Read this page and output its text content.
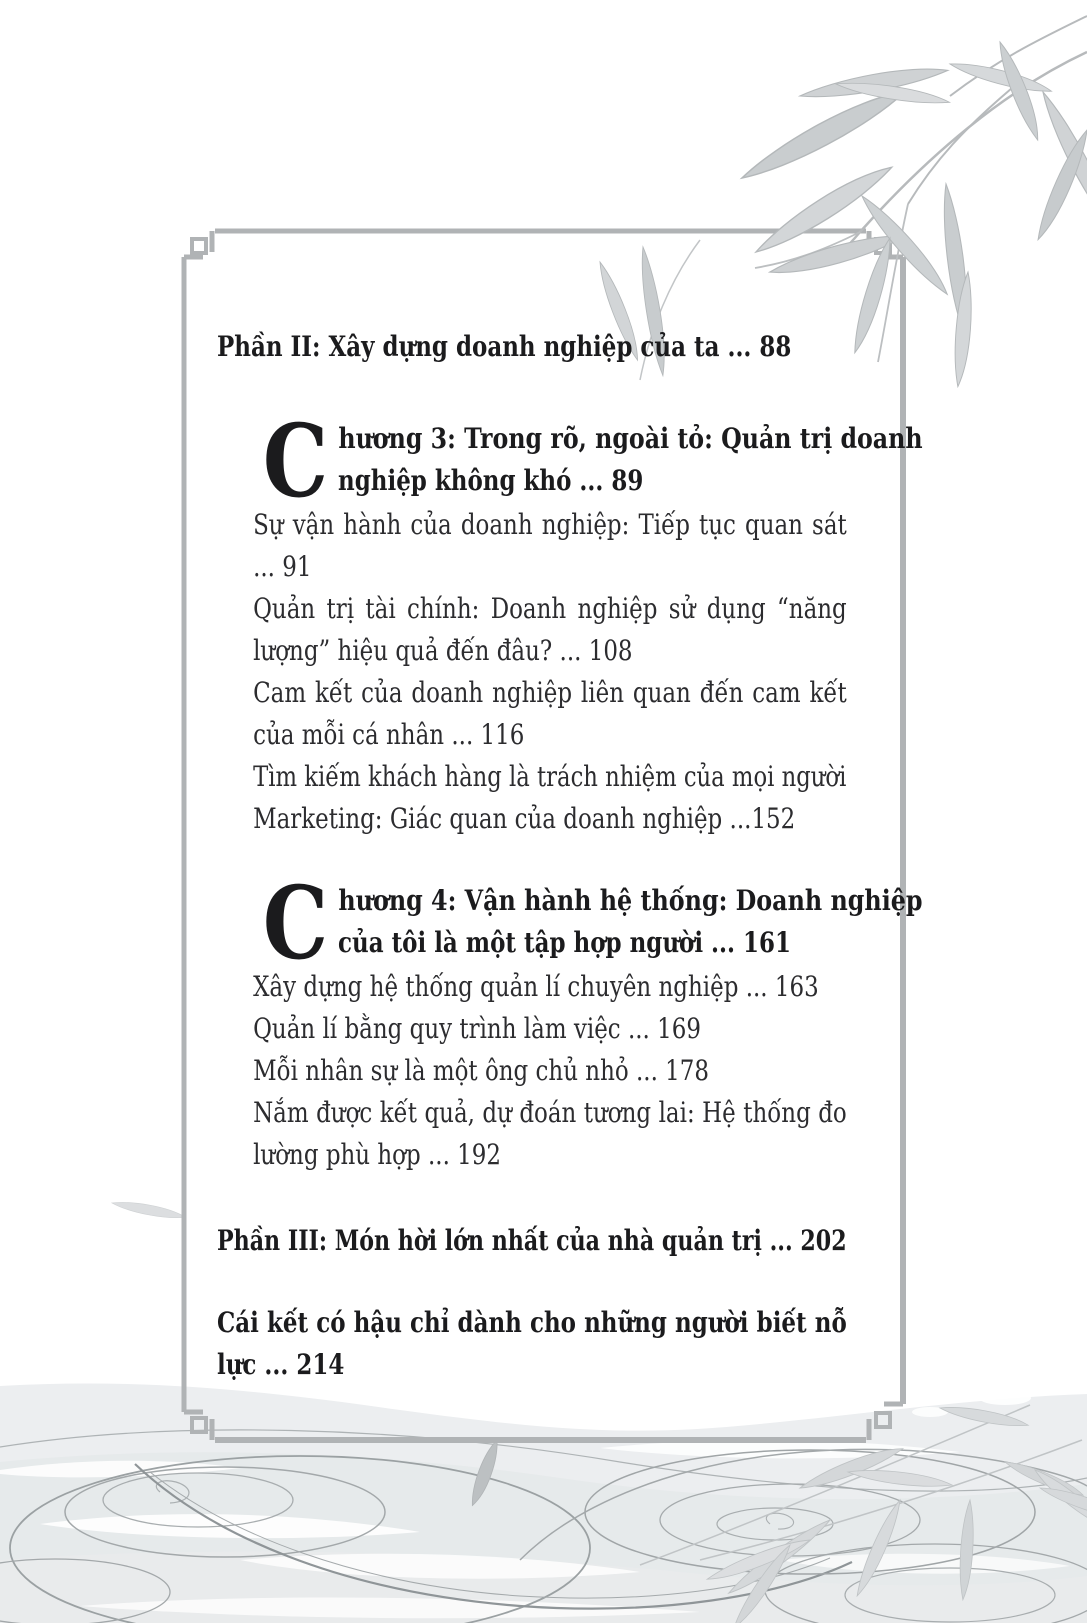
Phần II: Xây dựng doanh nghiệp của ta ... 88

C hương 3: Trong rõ, ngoài tỏ: Quản trị doanh
nghiệp không khó ... 89

Sự vận hành của doanh nghiệp: Tiếp tục quan sát ... 91

Quản trị tài chính: Doanh nghiệp sử dụng “năng lượng” hiệu quả đến đâu? ... 108

Cam kết của doanh nghiệp liên quan đến cam kết của mỗi cá nhân ... 116

Tìm kiếm khách hàng là trách nhiệm của mọi người

Marketing: Giác quan của doanh nghiệp ...152

C hương 4: Vận hành hệ thống: Doanh nghiệp
của tôi là một tập hợp người ... 161

Xây dựng hệ thống quản lí chuyên nghiệp ... 163

Quản lí bằng quy trình làm việc ... 169

Mỗi nhân sự là một ông chủ nhỏ ... 178

Nắm được kết quả, dự đoán tương lai: Hệ thống đo lường phù hợp ... 192

Phần III: Món hời lớn nhất của nhà quản trị ... 202

Cái kết có hậu chỉ dành cho những người biết nỗ lực ... 214
